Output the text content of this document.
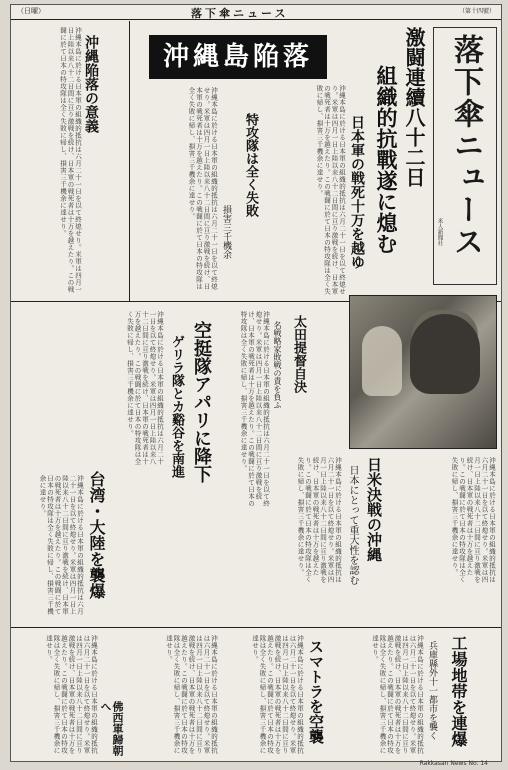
（日曜）	落下傘ニュース	（第十四號）
落下傘ニュース
米人新聞社
沖縄島陥落	激闘連續八十二日
組織的抗戰遂に熄む
日本軍の戦死十万を越ゆ
沖縄本島に於ける日本軍の組織的抵抗は六月二十一日を以て終熄せり。米軍は四月一日上陸以来八十二日間に亘り激戦を続け、日本軍の戦死者は十万を越えたり。この戦闘に於て日本の特攻隊は全く失敗に帰し、損害三千機余に達せり。
特攻隊は全く失敗
損害三千機余
沖縄本島に於ける日本軍の組織的抵抗は六月二十一日を以て終熄せり。米軍は四月一日上陸以来八十二日間に亘り激戦を続け、日本軍の戦死者は十万を越えたり。この戦闘に於て日本の特攻隊は全く失敗に帰し、損害三千機余に達せり。
沖縄陥落の意義
沖縄本島に於ける日本軍の組織的抵抗は六月二十一日を以て終熄せり。米軍は四月一日上陸以来八十二日間に亘り激戦を続け、日本軍の戦死者は十万を越えたり。この戦闘に於て日本の特攻隊は全く失敗に帰し、損害三千機余に達せり。
太田提督自決
名戦略家敗戦の責を負ふ
沖縄本島に於ける日本軍の組織的抵抗は六月二十一日を以て終熄せり。米軍は四月一日上陸以来八十二日間に亘り激戦を続け、日本軍の戦死者は十万を越えたり。この戦闘に於て日本の特攻隊は全く失敗に帰し、損害三千機余に達せり。
空挺隊アパリに降下
ゲリラ隊とカ谿谷を南進
沖縄本島に於ける日本軍の組織的抵抗は六月二十一日を以て終熄せり。米軍は四月一日上陸以来八十二日間に亘り激戦を続け、日本軍の戦死者は十万を越えたり。この戦闘に於て日本の特攻隊は全く失敗に帰し、損害三千機余に達せり。
台湾・大陸を襲爆
沖縄本島に於ける日本軍の組織的抵抗は六月二十一日を以て終熄せり。米軍は四月一日上陸以来八十二日間に亘り激戦を続け、日本軍の戦死者は十万を越えたり。この戦闘に於て日本の特攻隊は全く失敗に帰し、損害三千機余に達せり。	日米決戦の沖縄
日本にとって重大性を認む
沖縄本島に於ける日本軍の組織的抵抗は六月二十一日を以て終熄せり。米軍は四月一日上陸以来八十二日間に亘り激戦を続け、日本軍の戦死者は十万を越えたり。この戦闘に於て日本の特攻隊は全く失敗に帰し、損害三千機余に達せり。	沖縄本島に於ける日本軍の組織的抵抗は六月二十一日を以て終熄せり。米軍は四月一日上陸以来八十二日間に亘り激戦を続け、日本軍の戦死者は十万を越えたり。この戦闘に於て日本の特攻隊は全く失敗に帰し、損害三千機余に達せり。
スマトラを空襲
沖縄本島に於ける日本軍の組織的抵抗は六月二十一日を以て終熄せり。米軍は四月一日上陸以来八十二日間に亘り激戦を続け、日本軍の戦死者は十万を越えたり。この戦闘に於て日本の特攻隊は全く失敗に帰し、損害三千機余に達せり。	工場地帯を連爆
兵庫縣外十一都市を襲く
沖縄本島に於ける日本軍の組織的抵抗は六月二十一日を以て終熄せり。米軍は四月一日上陸以来八十二日間に亘り激戦を続け、日本軍の戦死者は十万を越えたり。この戦闘に於て日本の特攻隊は全く失敗に帰し、損害三千機余に達せり。
佛西軍歸朝へ
沖縄本島に於ける日本軍の組織的抵抗は六月二十一日を以て終熄せり。米軍は四月一日上陸以来八十二日間に亘り激戦を続け、日本軍の戦死者は十万を越えたり。この戦闘に於て日本の特攻隊は全く失敗に帰し、損害三千機余に達せり。	沖縄本島に於ける日本軍の組織的抵抗は六月二十一日を以て終熄せり。米軍は四月一日上陸以来八十二日間に亘り激戦を続け、日本軍の戦死者は十万を越えたり。この戦闘に於て日本の特攻隊は全く失敗に帰し、損害三千機余に達せり。
Rakkasan News No. 14
